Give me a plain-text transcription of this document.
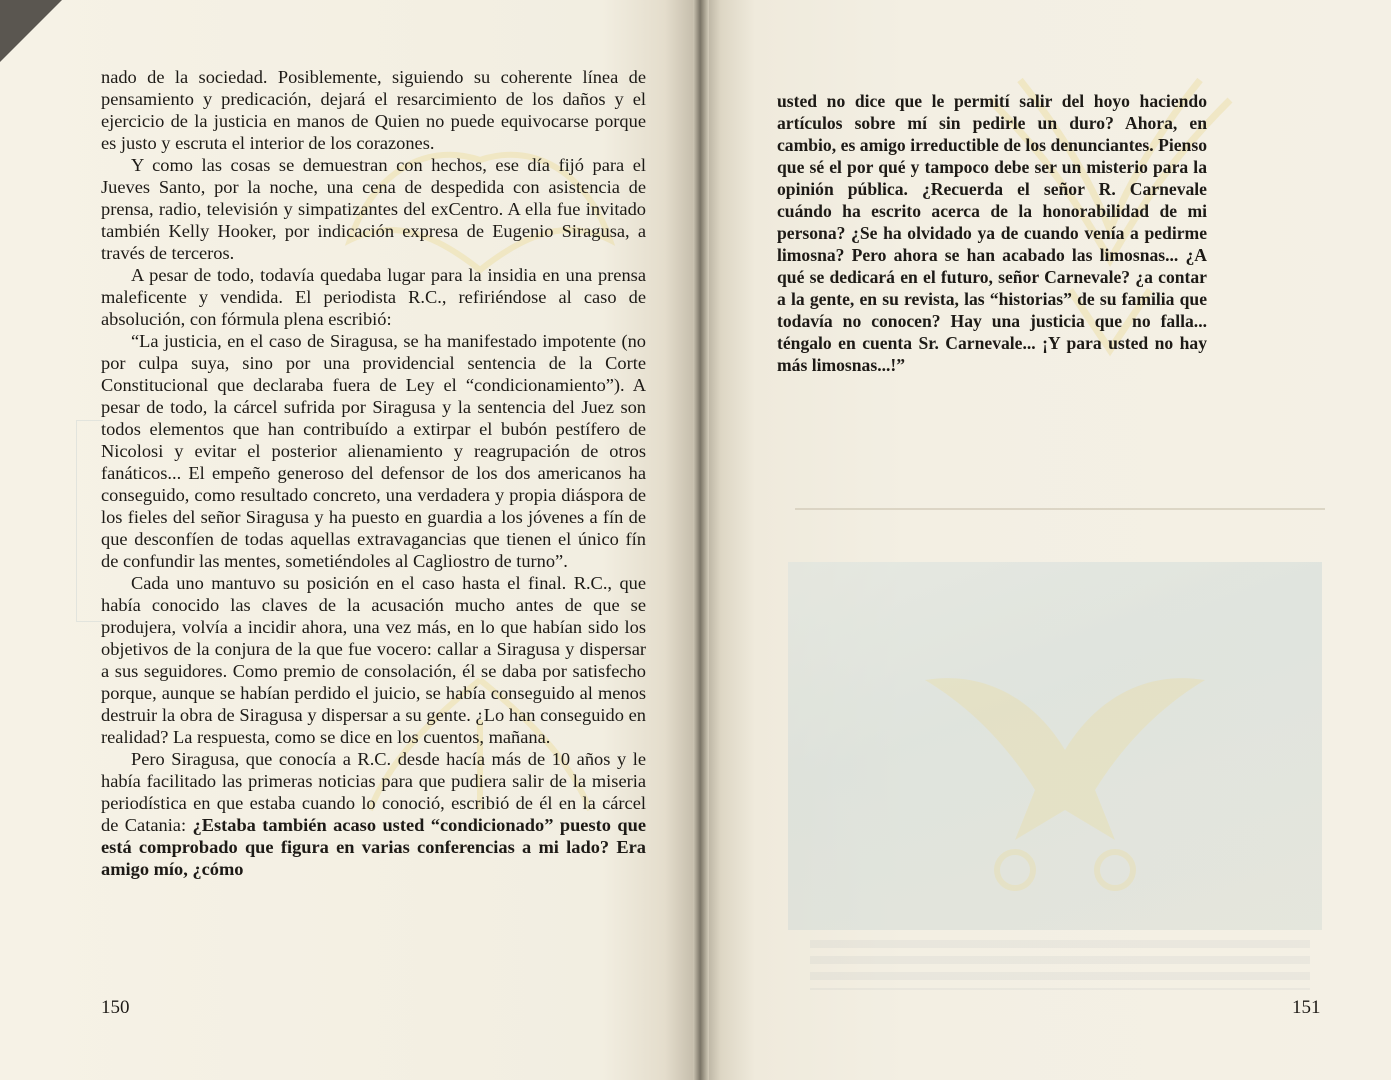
nado de la sociedad. Posiblemente, siguiendo su coherente línea de pensamiento y predicación, dejará el resarcimiento de los daños y el ejercicio de la justicia en manos de Quien no puede equivocarse porque es justo y escruta el interior de los corazones.

Y como las cosas se demuestran con hechos, ese día fijó para el Jueves Santo, por la noche, una cena de despedida con asistencia de prensa, radio, televisión y simpatizantes del exCentro. A ella fue invitado también Kelly Hooker, por indicación expresa de Eugenio Siragusa, a través de terceros.

A pesar de todo, todavía quedaba lugar para la insidia en una prensa maleficente y vendida. El periodista R.C., refiriéndose al caso de absolución, con fórmula plena escribió:

“La justicia, en el caso de Siragusa, se ha manifestado impotente (no por culpa suya, sino por una providencial sentencia de la Corte Constitucional que declaraba fuera de Ley el “condicionamiento”). A pesar de todo, la cárcel sufrida por Siragusa y la sentencia del Juez son todos elementos que han contribuído a extirpar el bubón pestífero de Nicolosi y evitar el posterior alienamiento y reagrupación de otros fanáticos... El empeño generoso del defensor de los dos americanos ha conseguido, como resultado concreto, una verdadera y propia diáspora de los fieles del señor Siragusa y ha puesto en guardia a los jóvenes a fín de que desconfíen de todas aquellas extravagancias que tienen el único fín de confundir las mentes, sometiéndoles al Cagliostro de turno”.

Cada uno mantuvo su posición en el caso hasta el final. R.C., que había conocido las claves de la acusación mucho antes de que se produjera, volvía a incidir ahora, una vez más, en lo que habían sido los objetivos de la conjura de la que fue vocero: callar a Siragusa y dispersar a sus seguidores. Como premio de consolación, él se daba por satisfecho porque, aunque se habían perdido el juicio, se había conseguido al menos destruir la obra de Siragusa y dispersar a su gente. ¿Lo han conseguido en realidad? La respuesta, como se dice en los cuentos, mañana.

Pero Siragusa, que conocía a R.C. desde hacía más de 10 años y le había facilitado las primeras noticias para que pudiera salir de la miseria periodística en que estaba cuando lo conoció, escribió de él en la cárcel de Catania: ¿Estaba también acaso usted “condicionado” puesto que está comprobado que figura en varias conferencias a mi lado? Era amigo mío, ¿cómo

150

usted no dice que le permití salir del hoyo haciendo artículos sobre mí sin pedirle un duro? Ahora, en cambio, es amigo irreductible de los denunciantes. Pienso que sé el por qué y tampoco debe ser un misterio para la opinión pública. ¿Recuerda el señor R. Carnevale cuándo ha escrito acerca de la honorabilidad de mi persona? ¿Se ha olvidado ya de cuando venía a pedirme limosna? Pero ahora se han acabado las limosnas... ¿A qué se dedicará en el futuro, señor Carnevale? ¿a contar a la gente, en su revista, las “historias” de su familia que todavía no conocen? Hay una justicia que no falla... téngalo en cuenta Sr. Carnevale... ¡Y para usted no hay más limosnas...!”

151
